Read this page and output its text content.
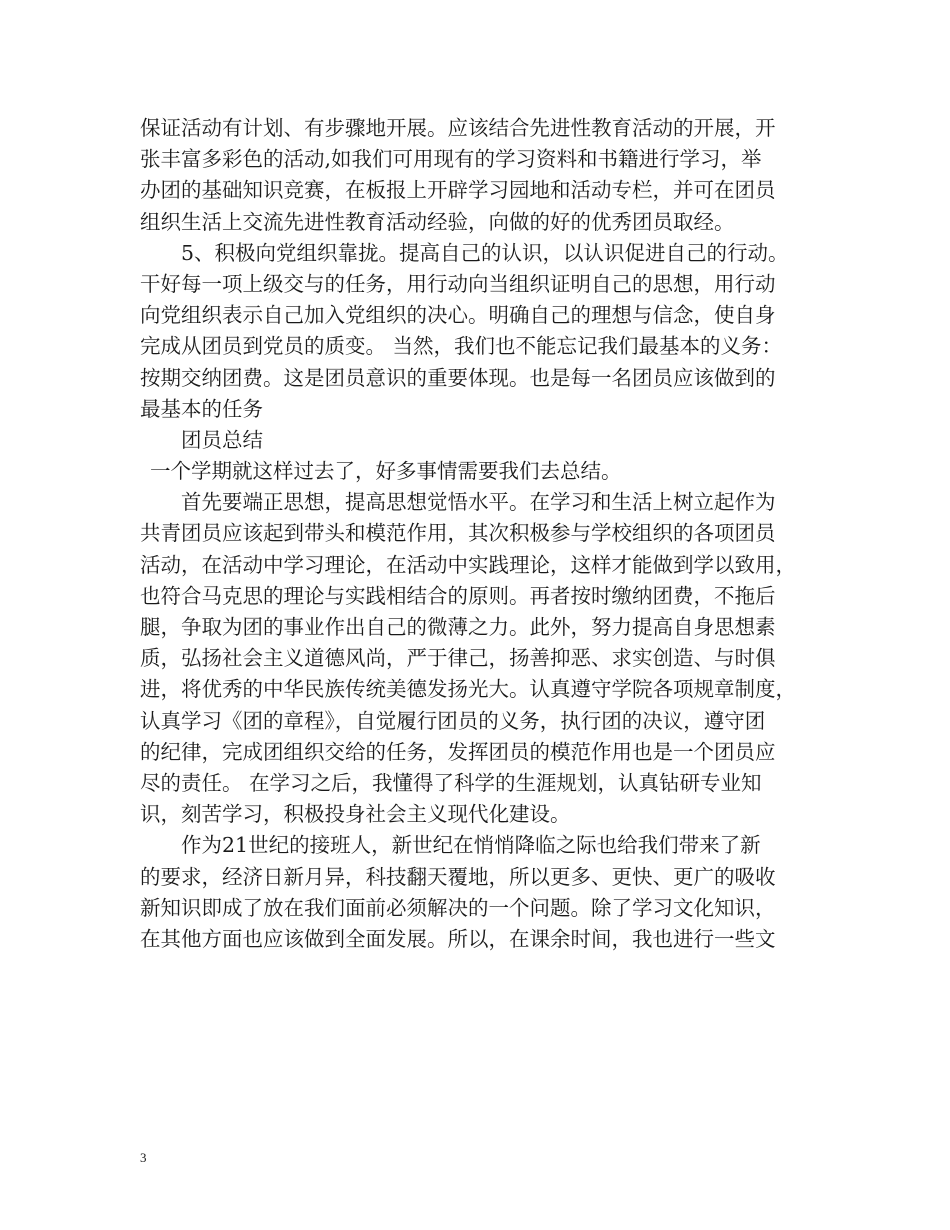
保证活动有计划、有步骤地开展。应该结合先进性教育活动的开展，开
张丰富多彩色的活动,如我们可用现有的学习资料和书籍进行学习，举
办团的基础知识竞赛，在板报上开辟学习园地和活动专栏，并可在团员
组织生活上交流先进性教育活动经验，向做的好的优秀团员取经。
5、积极向党组织靠拢。提高自己的认识，以认识促进自己的行动。
干好每一项上级交与的任务，用行动向当组织证明自己的思想，用行动
向党组织表示自己加入党组织的决心。明确自己的理想与信念，使自身
完成从团员到党员的质变。 当然，我们也不能忘记我们最基本的义务：
按期交纳团费。这是团员意识的重要体现。也是每一名团员应该做到的
最基本的任务
团员总结
一个学期就这样过去了，好多事情需要我们去总结。
首先要端正思想，提高思想觉悟水平。在学习和生活上树立起作为
共青团员应该起到带头和模范作用，其次积极参与学校组织的各项团员
活动，在活动中学习理论，在活动中实践理论，这样才能做到学以致用，
也符合马克思的理论与实践相结合的原则。再者按时缴纳团费，不拖后
腿，争取为团的事业作出自己的微薄之力。此外，努力提高自身思想素
质，弘扬社会主义道德风尚，严于律己，扬善抑恶、求实创造、与时俱
进，将优秀的中华民族传统美德发扬光大。认真遵守学院各项规章制度，
认真学习《团的章程》，自觉履行团员的义务，执行团的决议，遵守团
的纪律，完成团组织交给的任务，发挥团员的模范作用也是一个团员应
尽的责任。 在学习之后，我懂得了科学的生涯规划，认真钻研专业知
识，刻苦学习，积极投身社会主义现代化建设。
作为21世纪的接班人，新世纪在悄悄降临之际也给我们带来了新
的要求，经济日新月异，科技翻天覆地，所以更多、更快、更广的吸收
新知识即成了放在我们面前必须解决的一个问题。除了学习文化知识，
在其他方面也应该做到全面发展。所以，在课余时间，我也进行一些文
3
